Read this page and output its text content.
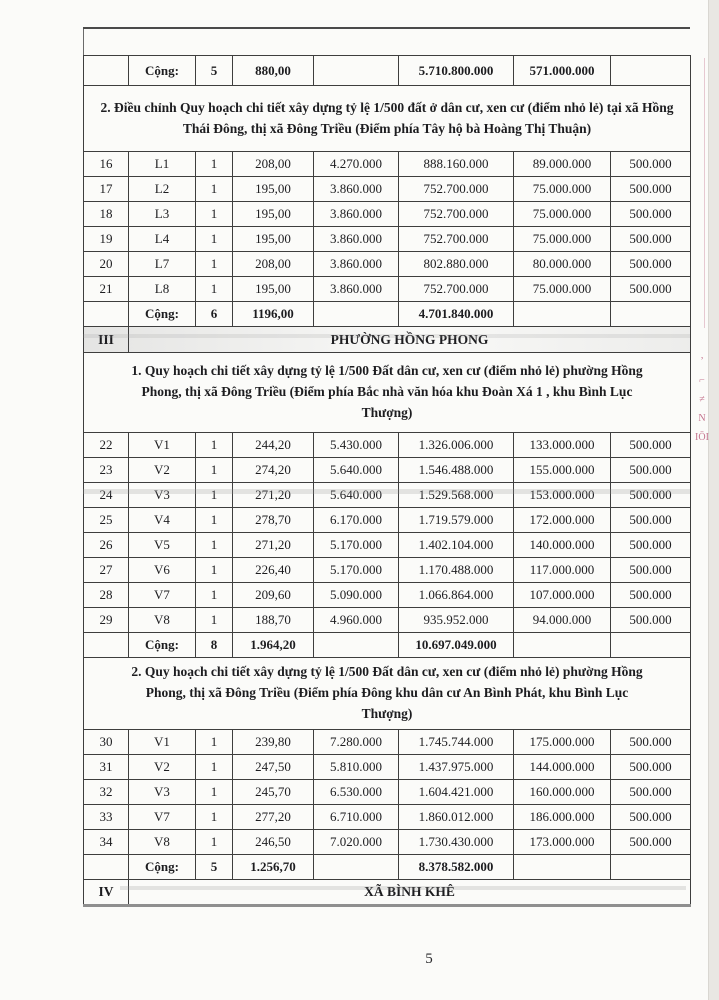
	Cộng:	5	880,00		5.710.800.000	571.000.000	
2. Điều chỉnh Quy hoạch chi tiết xây dựng tỷ lệ 1/500 đất ở dân cư, xen cư (điểm nhỏ lẻ) tại xã Hồng Thái Đông, thị xã Đông Triều (Điểm phía Tây hộ bà Hoàng Thị Thuận)							
16	L1	1	208,00	4.270.000	888.160.000	89.000.000	500.000
17	L2	1	195,00	3.860.000	752.700.000	75.000.000	500.000
18	L3	1	195,00	3.860.000	752.700.000	75.000.000	500.000
19	L4	1	195,00	3.860.000	752.700.000	75.000.000	500.000
20	L7	1	208,00	3.860.000	802.880.000	80.000.000	500.000
21	L8	1	195,00	3.860.000	752.700.000	75.000.000	500.000
	Cộng:	6	1196,00		4.701.840.000		
III	PHƯỜNG HỒNG PHONG						
1. Quy hoạch chi tiết xây dựng tỷ lệ 1/500 Đất dân cư, xen cư (điểm nhỏ lẻ) phường Hồng Phong, thị xã Đông Triều (Điểm phía Bắc nhà văn hóa khu Đoàn Xá 1 , khu Bình Lục Thượng)							
22	V1	1	244,20	5.430.000	1.326.006.000	133.000.000	500.000
23	V2	1	274,20	5.640.000	1.546.488.000	155.000.000	500.000
24	V3	1	271,20	5.640.000	1.529.568.000	153.000.000	500.000
25	V4	1	278,70	6.170.000	1.719.579.000	172.000.000	500.000
26	V5	1	271,20	5.170.000	1.402.104.000	140.000.000	500.000
27	V6	1	226,40	5.170.000	1.170.488.000	117.000.000	500.000
28	V7	1	209,60	5.090.000	1.066.864.000	107.000.000	500.000
29	V8	1	188,70	4.960.000	935.952.000	94.000.000	500.000
	Cộng:	8	1.964,20		10.697.049.000		
2. Quy hoạch chi tiết xây dựng tỷ lệ 1/500 Đất dân cư, xen cư (điểm nhỏ lẻ) phường Hồng Phong, thị xã Đông Triều (Điểm phía Đông khu dân cư An Bình Phát, khu Bình Lục Thượng)							
30	V1	1	239,80	7.280.000	1.745.744.000	175.000.000	500.000
31	V2	1	247,50	5.810.000	1.437.975.000	144.000.000	500.000
32	V3	1	245,70	6.530.000	1.604.421.000	160.000.000	500.000
33	V7	1	277,20	6.710.000	1.860.012.000	186.000.000	500.000
34	V8	1	246,50	7.020.000	1.730.430.000	173.000.000	500.000
	Cộng:	5	1.256,70		8.378.582.000		
IV	XÃ BÌNH KHÊ						
’
⌐
≠
N
ΙŌΙ
5
